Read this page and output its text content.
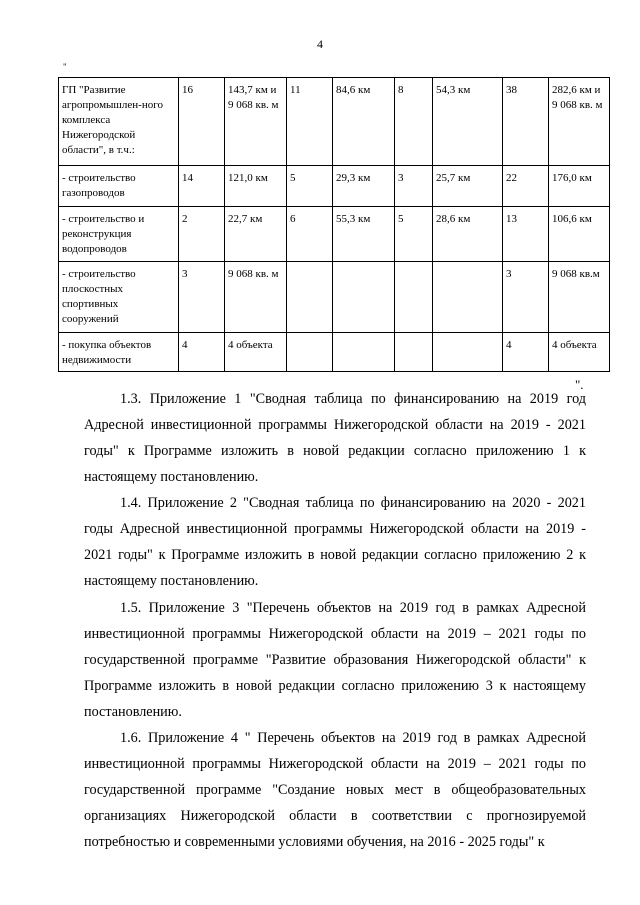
4
"
ГП "Развитие агропромышлен-ного комплекса Нижегородской области", в т.ч.:	16	143,7 км и 9 068 кв. м	11	84,6 км	8	54,3 км	38	282,6 км и 9 068 кв. м
- строительство газопроводов	14	121,0 км	5	29,3 км	3	25,7 км	22	176,0 км
- строительство и реконструкция водопроводов	2	22,7 км	6	55,3 км	5	28,6 км	13	106,6 км
- строительство плоскостных спортивных сооружений	3	9 068 кв. м					3	9 068 кв.м
- покупка объектов недвижимости	4	4 объекта					4	4 объекта
".

1.3. Приложение 1 "Сводная таблица по финансированию на 2019 год Адресной инвестиционной программы Нижегородской области на 2019 - 2021 годы" к Программе изложить в новой редакции согласно приложению 1 к настоящему постановлению.

1.4. Приложение 2 "Сводная таблица по финансированию на 2020 - 2021 годы Адресной инвестиционной программы Нижегородской области на 2019 - 2021 годы" к Программе изложить в новой редакции согласно приложению 2 к настоящему постановлению.

1.5. Приложение 3 "Перечень объектов на 2019 год в рамках Адресной инвестиционной программы Нижегородской области на 2019 – 2021 годы по государственной программе "Развитие образования Нижегородской области" к Программе изложить в новой редакции согласно приложению 3 к настоящему постановлению.

1.6. Приложение 4 " Перечень объектов на 2019 год в рамках Адресной инвестиционной программы Нижегородской области на 2019 – 2021 годы по государственной программе "Создание новых мест в общеобразовательных организациях Нижегородской области в соответствии с прогнозируемой потребностью и современными условиями обучения, на 2016 - 2025 годы" к
